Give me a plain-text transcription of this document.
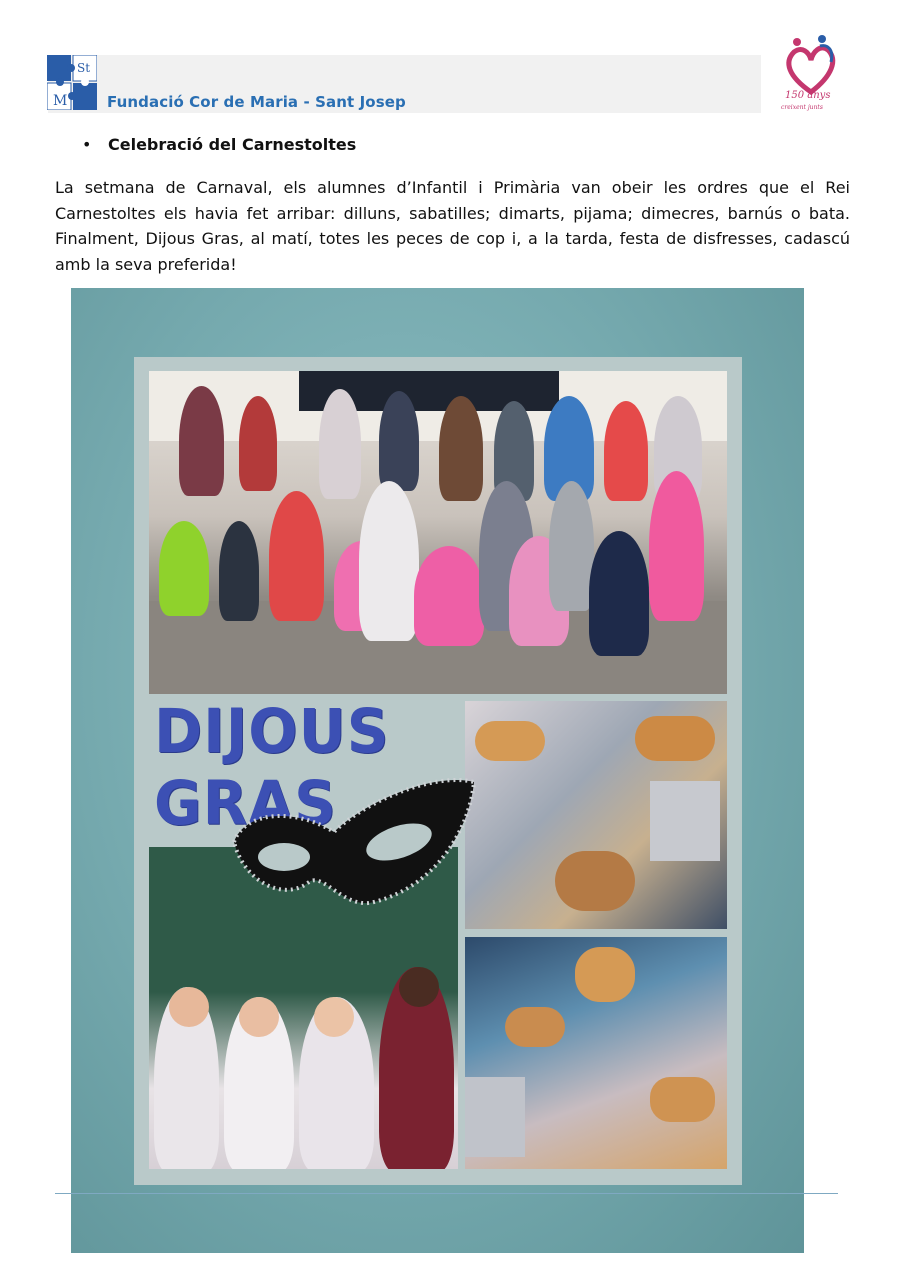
St
M	Fundació Cor de Maria - Sant Josep	150 anys
creixent junts
• Celebració del Carnestoltes

La setmana de Carnaval, els alumnes d’Infantil i Primària van obeir les ordres que el Rei Carnestoltes els havia fet arribar: dilluns, sabatilles; dimarts, pijama; dimecres, barnús o bata. Finalment, Dijous Gras, al matí, totes les peces de cop i, a la tarda, festa de disfresses, cadascú amb la seva preferida!

DIJOUS
GRAS
